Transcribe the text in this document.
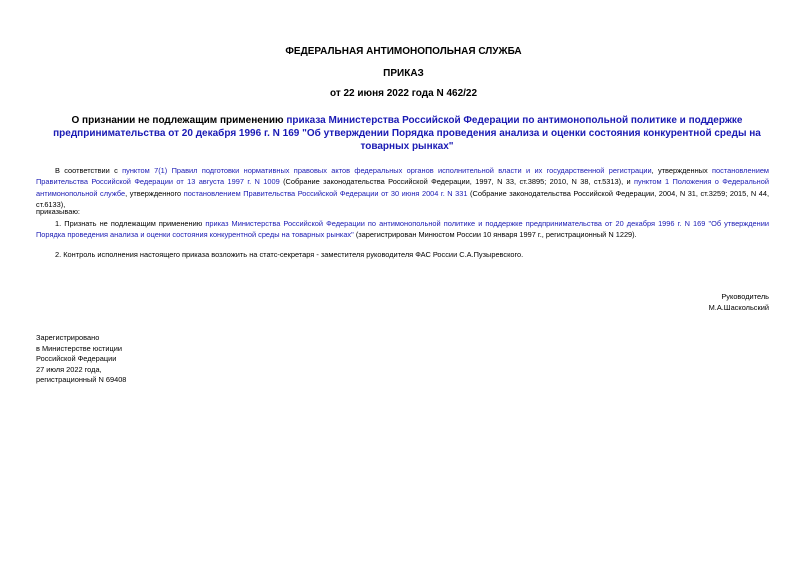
ФЕДЕРАЛЬНАЯ АНТИМОНОПОЛЬНАЯ СЛУЖБА
ПРИКАЗ
от 22 июня 2022 года N 462/22
О признании не подлежащим применению приказа Министерства Российской Федерации по антимонопольной политике и поддержке предпринимательства от 20 декабря 1996 г. N 169 "Об утверждении Порядка проведения анализа и оценки состояния конкурентной среды на товарных рынках"
В соответствии с пунктом 7(1) Правил подготовки нормативных правовых актов федеральных органов исполнительной власти и их государственной регистрации, утвержденных постановлением Правительства Российской Федерации от 13 августа 1997 г. N 1009 (Собрание законодательства Российской Федерации, 1997, N 33, ст.3895; 2010, N 38, ст.5313), и пунктом 1 Положения о Федеральной антимонопольной службе, утвержденного постановлением Правительства Российской Федерации от 30 июня 2004 г. N 331 (Собрание законодательства Российской Федерации, 2004, N 31, ст.3259; 2015, N 44, ст.6133),
приказываю:
1. Признать не подлежащим применению приказ Министерства Российской Федерации по антимонопольной политике и поддержке предпринимательства от 20 декабря 1996 г. N 169 "Об утверждении Порядка проведения анализа и оценки состояния конкурентной среды на товарных рынках" (зарегистрирован Минюстом России 10 января 1997 г., регистрационный N 1229).
2. Контроль исполнения настоящего приказа возложить на статс-секретаря - заместителя руководителя ФАС России С.А.Пузыревского.
Руководитель
М.А.Шаскольский
Зарегистрировано
в Министерстве юстиции
Российской Федерации
27 июля 2022 года,
регистрационный N 69408
